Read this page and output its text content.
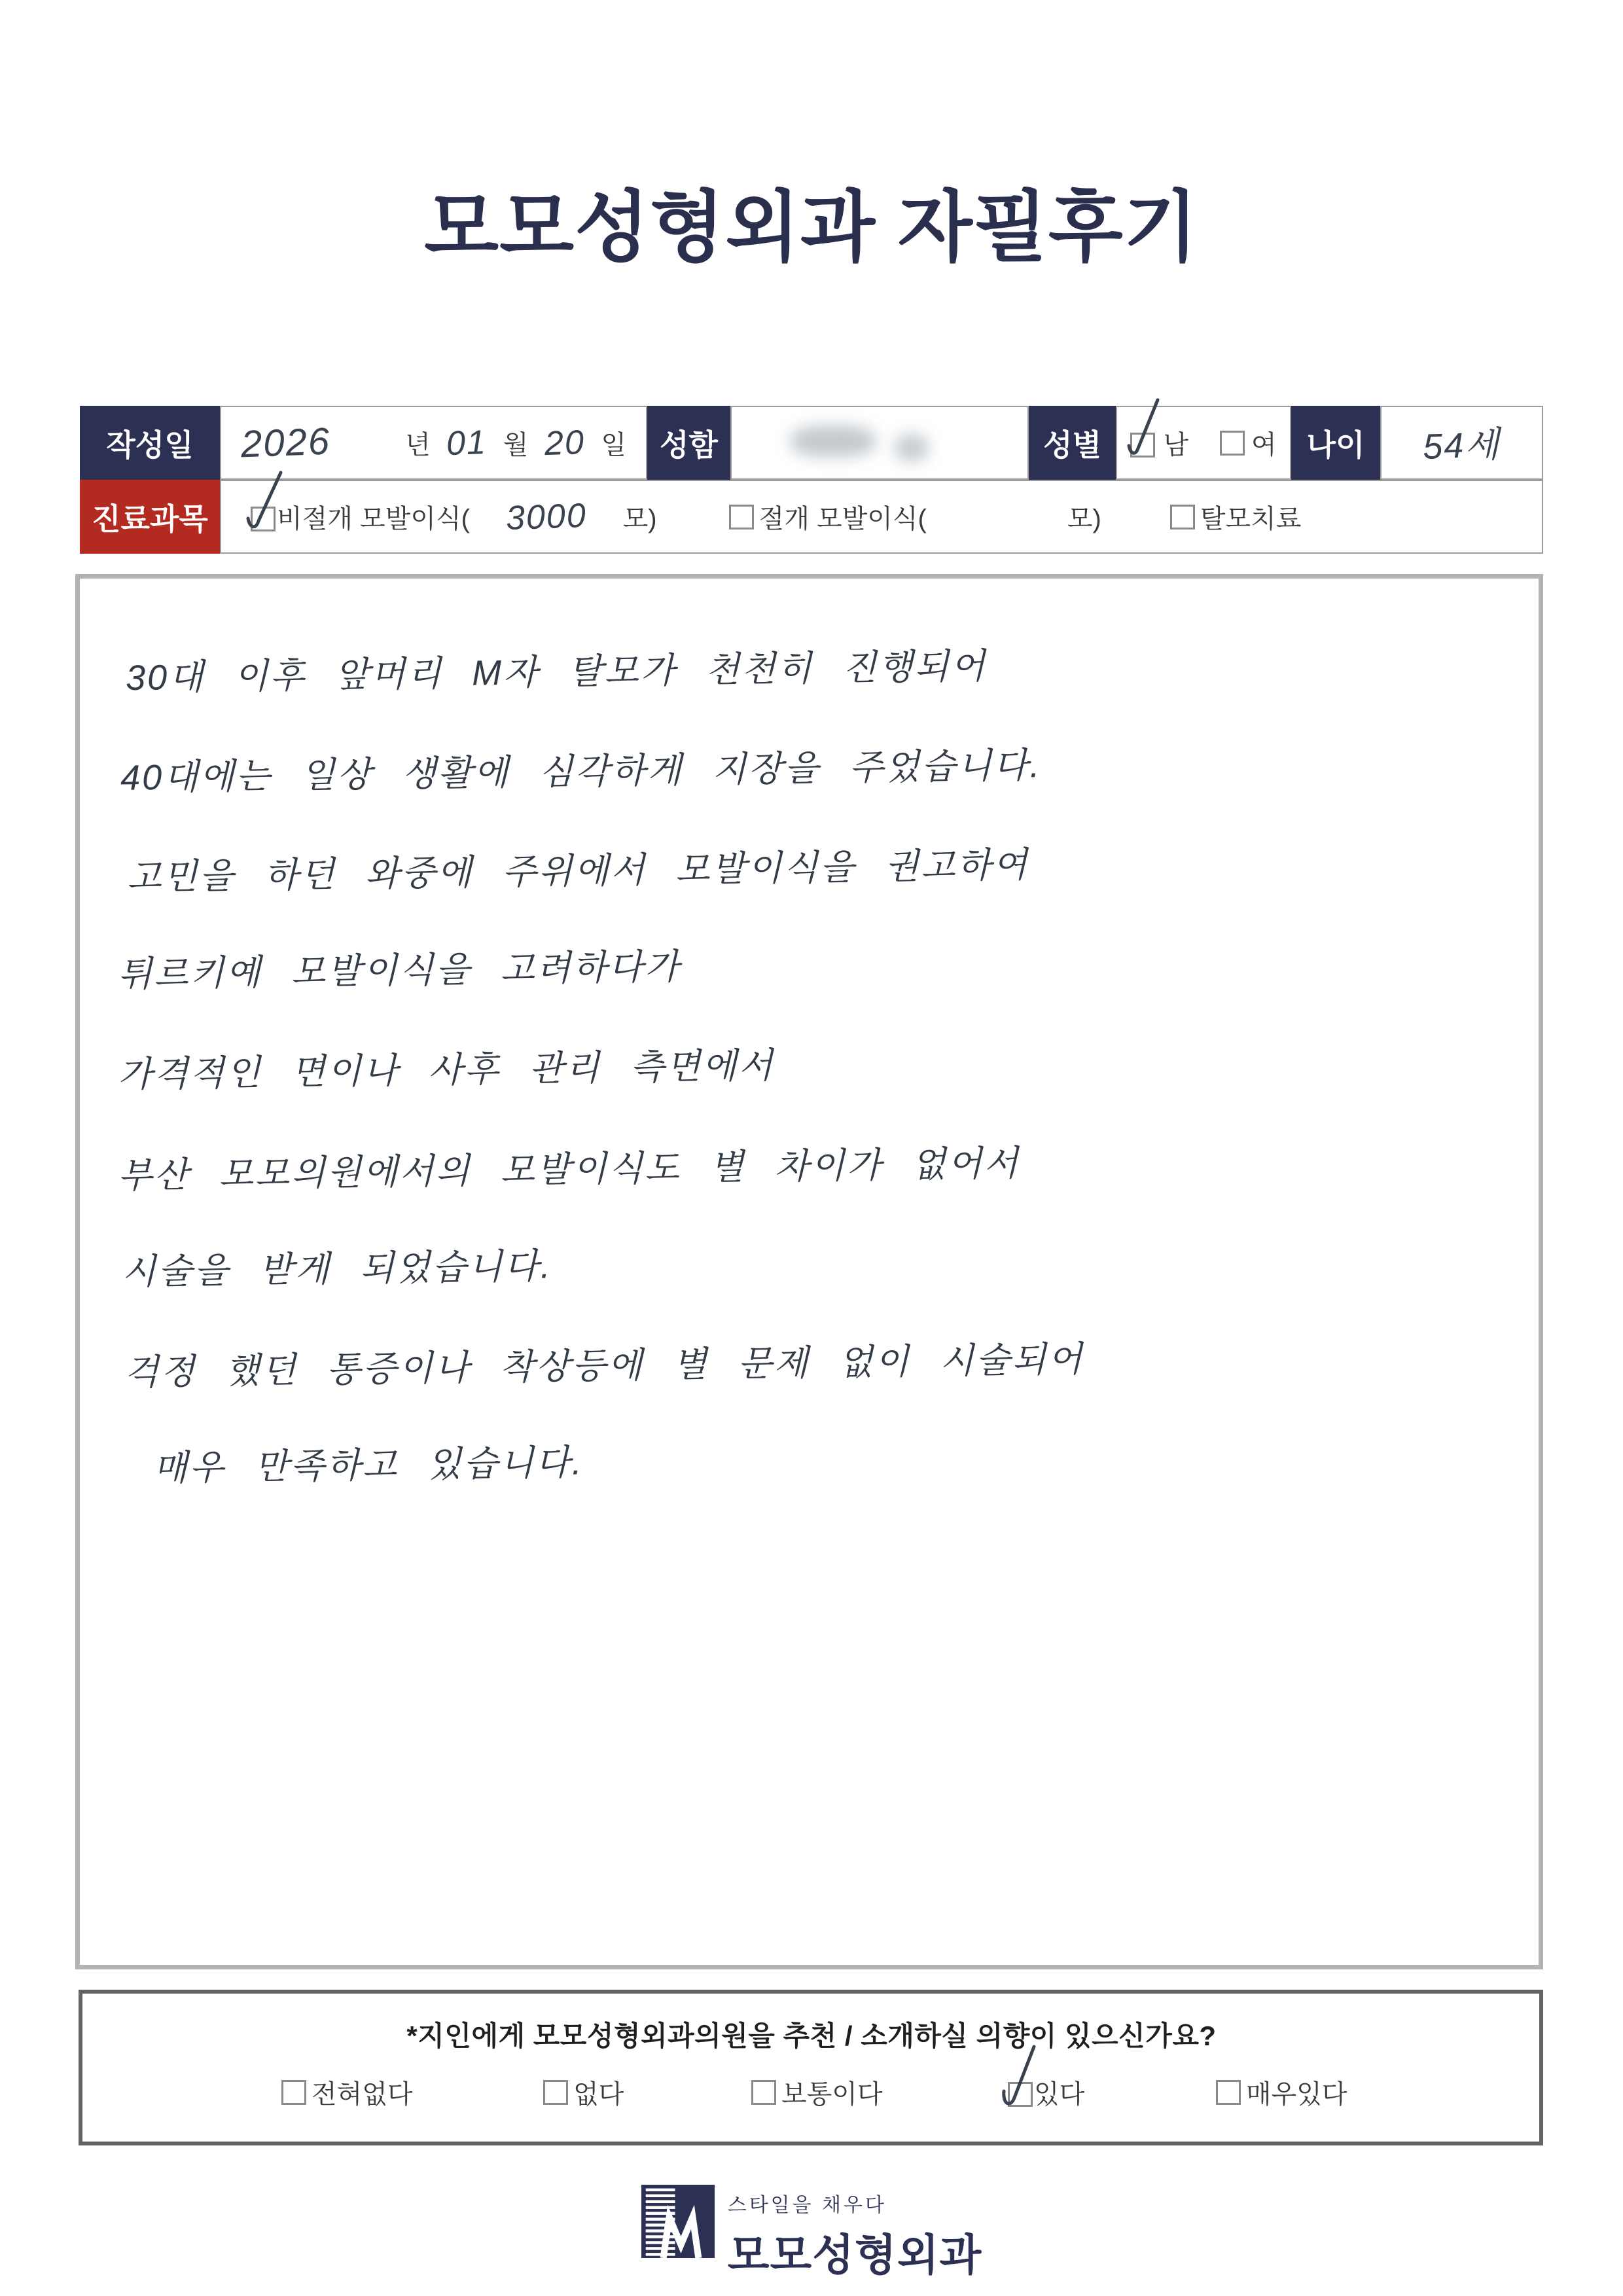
모모성형외과 자필후기
작성일 2026	년 01 월 20 일 성함	성별 남 여 나이 54세
진료과목	비절개 모발이식( 3000 모)	절개 모발이식(	모)	탈모치료
30대 이후 앞머리 M자 탈모가 천천히 진행되어
40대에는 일상 생활에 심각하게 지장을 주었습니다.
고민을 하던 와중에 주위에서 모발이식을 권고하여
튀르키예 모발이식을 고려하다가
가격적인 면이나 사후 관리 측면에서
부산 모모의원에서의 모발이식도 별 차이가 없어서
시술을 받게 되었습니다.
걱정 했던 통증이나 착상등에 별 문제 없이 시술되어
매우 만족하고 있습니다.
*지인에게 모모성형외과의원을 추천 / 소개하실 의향이 있으신가요?
전혀없다	없다	보통이다	있다	매우있다
스타일을 채우다
모모성형외과
